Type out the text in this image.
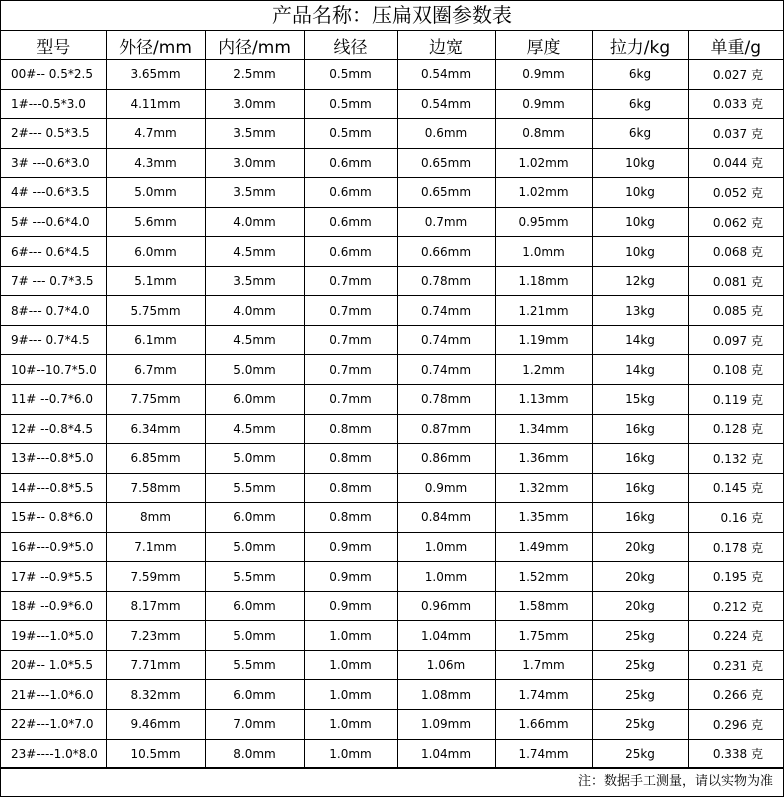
产品名称：压扁双圈参数表
型号	外径/mm	内径/mm	线径	边宽	厚度	拉力/kg	单重/g
00#-- 0.5*2.5	3.65mm	2.5mm	0.5mm	0.54mm	0.9mm	6kg	0.027 克
1#---0.5*3.0	4.11mm	3.0mm	0.5mm	0.54mm	0.9mm	6kg	0.033 克
2#--- 0.5*3.5	4.7mm	3.5mm	0.5mm	0.6mm	0.8mm	6kg	0.037 克
3# ---0.6*3.0	4.3mm	3.0mm	0.6mm	0.65mm	1.02mm	10kg	0.044 克
4# ---0.6*3.5	5.0mm	3.5mm	0.6mm	0.65mm	1.02mm	10kg	0.052 克
5# ---0.6*4.0	5.6mm	4.0mm	0.6mm	0.7mm	0.95mm	10kg	0.062 克
6#--- 0.6*4.5	6.0mm	4.5mm	0.6mm	0.66mm	1.0mm	10kg	0.068 克
7# --- 0.7*3.5	5.1mm	3.5mm	0.7mm	0.78mm	1.18mm	12kg	0.081 克
8#--- 0.7*4.0	5.75mm	4.0mm	0.7mm	0.74mm	1.21mm	13kg	0.085 克
9#--- 0.7*4.5	6.1mm	4.5mm	0.7mm	0.74mm	1.19mm	14kg	0.097 克
10#--10.7*5.0	6.7mm	5.0mm	0.7mm	0.74mm	1.2mm	14kg	0.108 克
11# --0.7*6.0	7.75mm	6.0mm	0.7mm	0.78mm	1.13mm	15kg	0.119 克
12# --0.8*4.5	6.34mm	4.5mm	0.8mm	0.87mm	1.34mm	16kg	0.128 克
13#---0.8*5.0	6.85mm	5.0mm	0.8mm	0.86mm	1.36mm	16kg	0.132 克
14#---0.8*5.5	7.58mm	5.5mm	0.8mm	0.9mm	1.32mm	16kg	0.145 克
15#-- 0.8*6.0	8mm	6.0mm	0.8mm	0.84mm	1.35mm	16kg	0.16 克
16#---0.9*5.0	7.1mm	5.0mm	0.9mm	1.0mm	1.49mm	20kg	0.178 克
17# --0.9*5.5	7.59mm	5.5mm	0.9mm	1.0mm	1.52mm	20kg	0.195 克
18# --0.9*6.0	8.17mm	6.0mm	0.9mm	0.96mm	1.58mm	20kg	0.212 克
19#---1.0*5.0	7.23mm	5.0mm	1.0mm	1.04mm	1.75mm	25kg	0.224 克
20#-- 1.0*5.5	7.71mm	5.5mm	1.0mm	1.06m	1.7mm	25kg	0.231 克
21#---1.0*6.0	8.32mm	6.0mm	1.0mm	1.08mm	1.74mm	25kg	0.266 克
22#---1.0*7.0	9.46mm	7.0mm	1.0mm	1.09mm	1.66mm	25kg	0.296 克
23#----1.0*8.0	10.5mm	8.0mm	1.0mm	1.04mm	1.74mm	25kg	0.338 克
注：数据手工测量，请以实物为准
